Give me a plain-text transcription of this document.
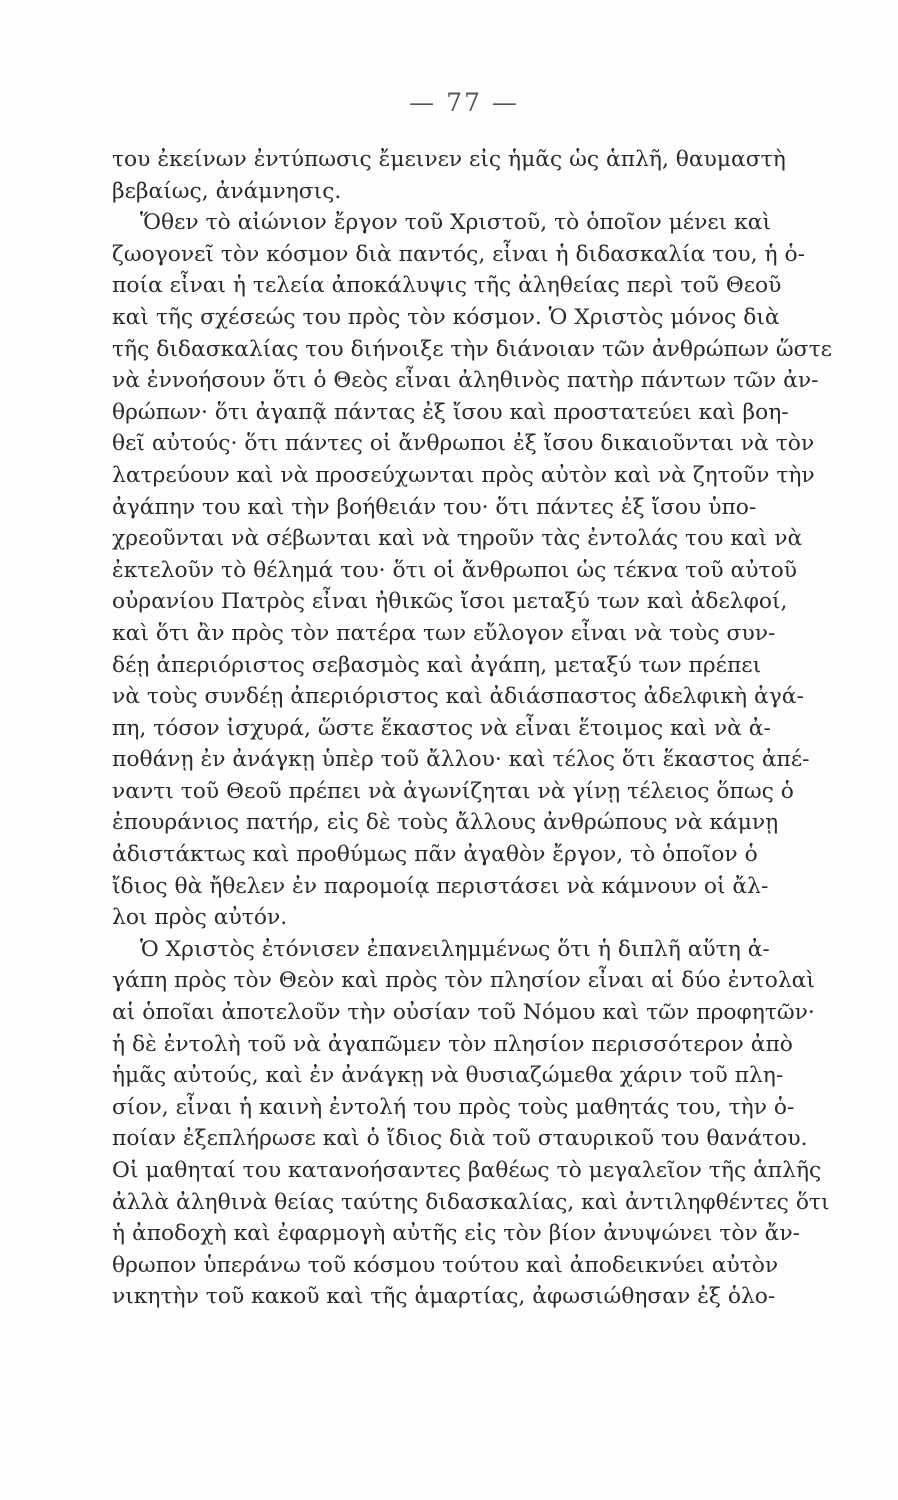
— 77 —
του ἐκείνων ἐντύπωσις ἔμεινεν εἰς ἡμᾶς ὡς ἁπλῆ, θαυμαστὴ
βεβαίως, ἀνάμνησις.
Ὅθεν τὸ αἰώνιον ἔργον τοῦ Χριστοῦ, τὸ ὁποῖον μένει καὶ
ζωογονεῖ τὸν κόσμον διὰ παντός, εἶναι ἡ διδασκαλία του, ἡ ὁ-
ποία εἶναι ἡ τελεία ἀποκάλυψις τῆς ἀληθείας περὶ τοῦ Θεοῦ
καὶ τῆς σχέσεώς του πρὸς τὸν κόσμον. Ὁ Χριστὸς μόνος διὰ
τῆς διδασκαλίας του διήνοιξε τὴν διάνοιαν τῶν ἀνθρώπων ὥστε
νὰ ἐννοήσουν ὅτι ὁ Θεὸς εἶναι ἀληθινὸς πατὴρ πάντων τῶν ἀν-
θρώπων· ὅτι ἀγαπᾷ πάντας ἐξ ἴσου καὶ προστατεύει καὶ βοη-
θεῖ αὐτούς· ὅτι πάντες οἱ ἄνθρωποι ἐξ ἴσου δικαιοῦνται νὰ τὸν
λατρεύουν καὶ νὰ προσεύχωνται πρὸς αὐτὸν καὶ νὰ ζητοῦν τὴν
ἀγάπην του καὶ τὴν βοήθειάν του· ὅτι πάντες ἐξ ἴσου ὑπο-
χρεοῦνται νὰ σέβωνται καὶ νὰ τηροῦν τὰς ἐντολάς του καὶ νὰ
ἐκτελοῦν τὸ θέλημά του· ὅτι οἱ ἄνθρωποι ὡς τέκνα τοῦ αὐτοῦ
οὐρανίου Πατρὸς εἶναι ἠθικῶς ἴσοι μεταξύ των καὶ ἀδελφοί,
καὶ ὅτι ἂν πρὸς τὸν πατέρα των εὔλογον εἶναι νὰ τοὺς συν-
δέῃ ἀπεριόριστος σεβασμὸς καὶ ἀγάπη, μεταξύ των πρέπει
νὰ τοὺς συνδέῃ ἀπεριόριστος καὶ ἀδιάσπαστος ἀδελφικὴ ἀγά-
πη, τόσον ἰσχυρά, ὥστε ἕκαστος νὰ εἶναι ἕτοιμος καὶ νὰ ἀ-
ποθάνῃ ἐν ἀνάγκῃ ὑπὲρ τοῦ ἄλλου· καὶ τέλος ὅτι ἕκαστος ἀπέ-
ναντι τοῦ Θεοῦ πρέπει νὰ ἀγωνίζηται νὰ γίνῃ τέλειος ὅπως ὁ
ἐπουράνιος πατήρ, εἰς δὲ τοὺς ἄλλους ἀνθρώπους νὰ κάμνῃ
ἀδιστάκτως καὶ προθύμως πᾶν ἀγαθὸν ἔργον, τὸ ὁποῖον ὁ
ἴδιος θὰ ἤθελεν ἐν παρομοίᾳ περιστάσει νὰ κάμνουν οἱ ἄλ-
λοι πρὸς αὐτόν.
Ὁ Χριστὸς ἐτόνισεν ἐπανειλημμένως ὅτι ἡ διπλῆ αὕτη ἀ-
γάπη πρὸς τὸν Θεὸν καὶ πρὸς τὸν πλησίον εἶναι αἱ δύο ἐντολαὶ
αἱ ὁποῖαι ἀποτελοῦν τὴν οὐσίαν τοῦ Νόμου καὶ τῶν προφητῶν·
ἡ δὲ ἐντολὴ τοῦ νὰ ἀγαπῶμεν τὸν πλησίον περισσότερον ἀπὸ
ἡμᾶς αὐτούς, καὶ ἐν ἀνάγκῃ νὰ θυσιαζώμεθα χάριν τοῦ πλη-
σίον, εἶναι ἡ καινὴ ἐντολή του πρὸς τοὺς μαθητάς του, τὴν ὁ-
ποίαν ἐξεπλήρωσε καὶ ὁ ἴδιος διὰ τοῦ σταυρικοῦ του θανάτου.
Οἱ μαθηταί του κατανοήσαντες βαθέως τὸ μεγαλεῖον τῆς ἁπλῆς
ἀλλὰ ἀληθινὰ θείας ταύτης διδασκαλίας, καὶ ἀντιληφθέντες ὅτι
ἡ ἀποδοχὴ καὶ ἐφαρμογὴ αὐτῆς εἰς τὸν βίον ἀνυψώνει τὸν ἄν-
θρωπον ὑπεράνω τοῦ κόσμου τούτου καὶ ἀποδεικνύει αὐτὸν
νικητὴν τοῦ κακοῦ καὶ τῆς ἁμαρτίας, ἀφωσιώθησαν ἐξ ὁλο-
